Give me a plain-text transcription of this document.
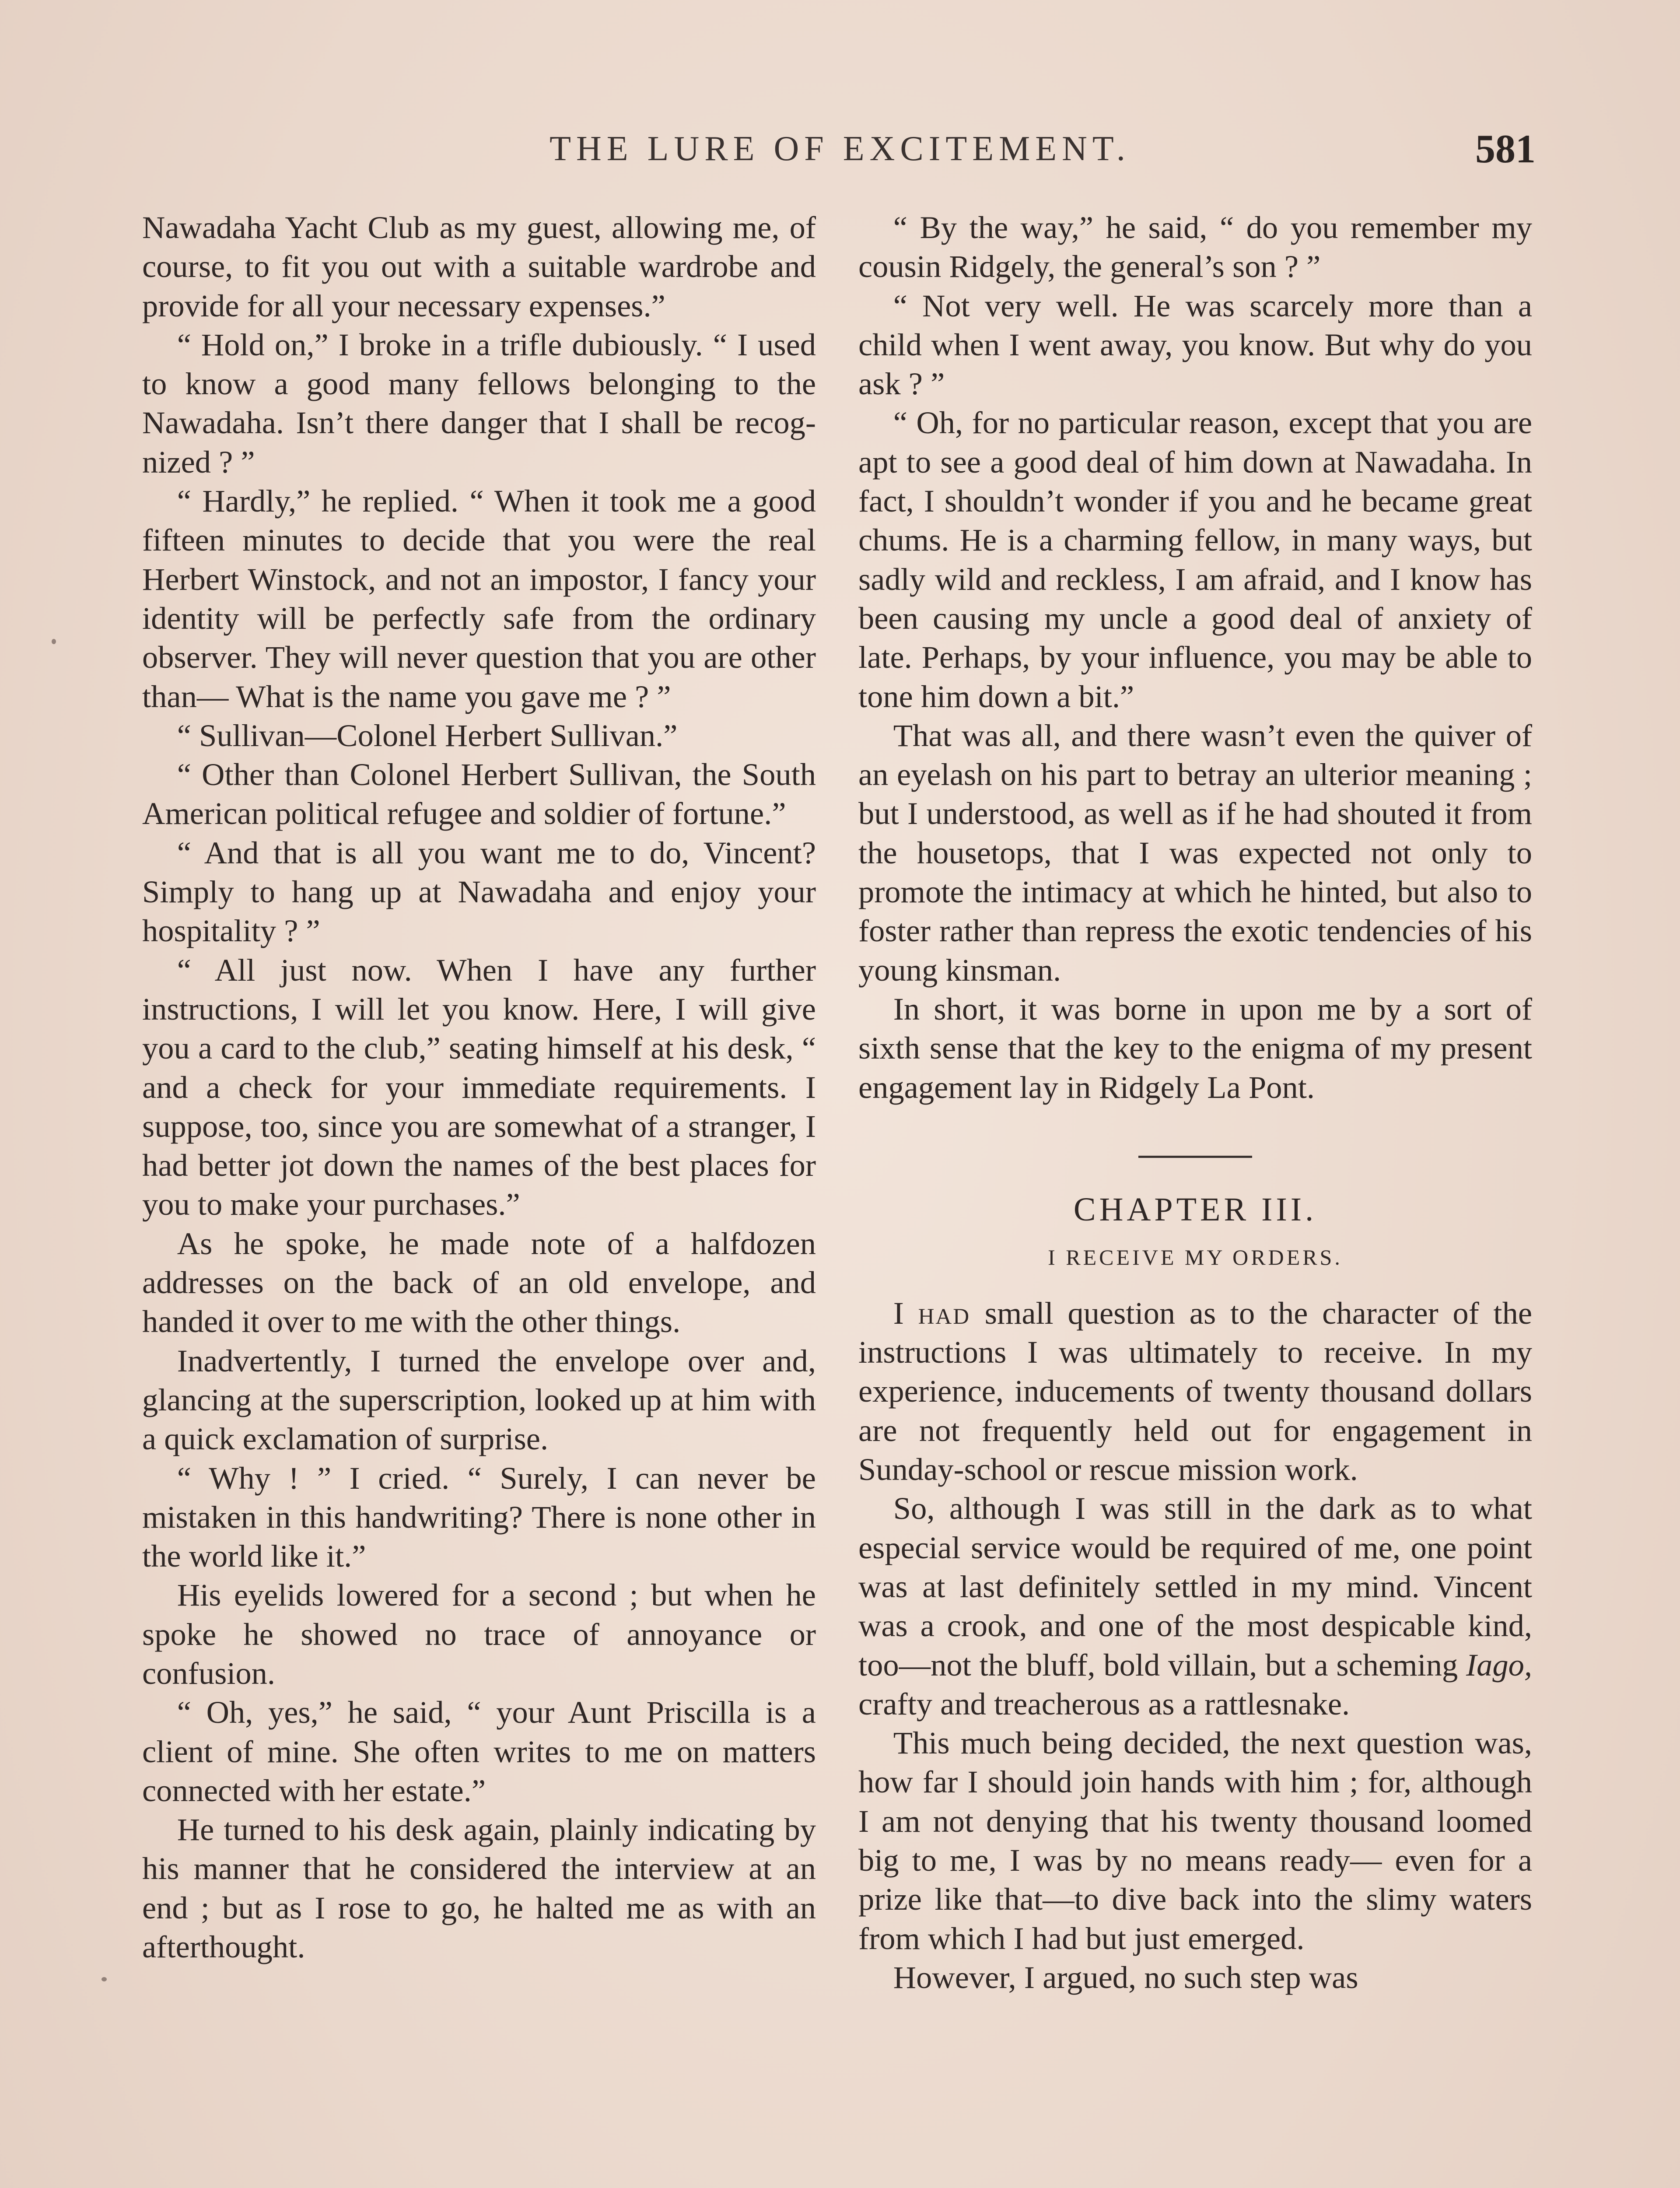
THE LURE OF EXCITEMENT.	581

Nawadaha Yacht Club as my guest, allowing me, of course, to fit you out with a suitable wardrobe and provide for all your necessary expenses.”

“ Hold on,” I broke in a trifle dubiously. “ I used to know a good many fellows belonging to the Nawadaha. Isn’t there danger that I shall be recognized ? ”

“ Hardly,” he replied. “ When it took me a good fifteen minutes to decide that you were the real Herbert Winstock, and not an impostor, I fancy your identity will be perfectly safe from the ordinary observer. They will never question that you are other than— What is the name you gave me ? ”

“ Sullivan—Colonel Herbert Sullivan.”

“ Other than Colonel Herbert Sullivan, the South American political refugee and soldier of fortune.”

“ And that is all you want me to do, Vincent? Simply to hang up at Nawadaha and enjoy your hospitality ? ”

“ All just now. When I have any further instructions, I will let you know. Here, I will give you a card to the club,” seating himself at his desk, “ and a check for your immediate requirements. I suppose, too, since you are somewhat of a stranger, I had better jot down the names of the best places for you to make your purchases.”

As he spoke, he made note of a halfdozen addresses on the back of an old envelope, and handed it over to me with the other things.

Inadvertently, I turned the envelope over and, glancing at the superscription, looked up at him with a quick exclamation of surprise.

“ Why ! ” I cried. “ Surely, I can never be mistaken in this handwriting? There is none other in the world like it.”

His eyelids lowered for a second ; but when he spoke he showed no trace of annoyance or confusion.

“ Oh, yes,” he said, “ your Aunt Priscilla is a client of mine. She often writes to me on matters connected with her estate.”

He turned to his desk again, plainly indicating by his manner that he considered the interview at an end ; but as I rose to go, he halted me as with an afterthought.

“ By the way,” he said, “ do you remember my cousin Ridgely, the general’s son ? ”

“ Not very well. He was scarcely more than a child when I went away, you know. But why do you ask ? ”

“ Oh, for no particular reason, except that you are apt to see a good deal of him down at Nawadaha. In fact, I shouldn’t wonder if you and he became great chums. He is a charming fellow, in many ways, but sadly wild and reckless, I am afraid, and I know has been causing my uncle a good deal of anxiety of late. Perhaps, by your influence, you may be able to tone him down a bit.”

That was all, and there wasn’t even the quiver of an eyelash on his part to betray an ulterior meaning ; but I understood, as well as if he had shouted it from the housetops, that I was expected not only to promote the intimacy at which he hinted, but also to foster rather than repress the exotic tendencies of his young kinsman.

In short, it was borne in upon me by a sort of sixth sense that the key to the enigma of my present engagement lay in Ridgely La Pont.

CHAPTER III.
I RECEIVE MY ORDERS.

I had small question as to the character of the instructions I was ultimately to receive. In my experience, inducements of twenty thousand dollars are not frequently held out for engagement in Sunday-school or rescue mission work.

So, although I was still in the dark as to what especial service would be required of me, one point was at last definitely settled in my mind. Vincent was a crook, and one of the most despicable kind, too—not the bluff, bold villain, but a scheming Iago, crafty and treacherous as a rattlesnake.

This much being decided, the next question was, how far I should join hands with him ; for, although I am not denying that his twenty thousand loomed big to me, I was by no means ready— even for a prize like that—to dive back into the slimy waters from which I had but just emerged.

However, I argued, no such step was
